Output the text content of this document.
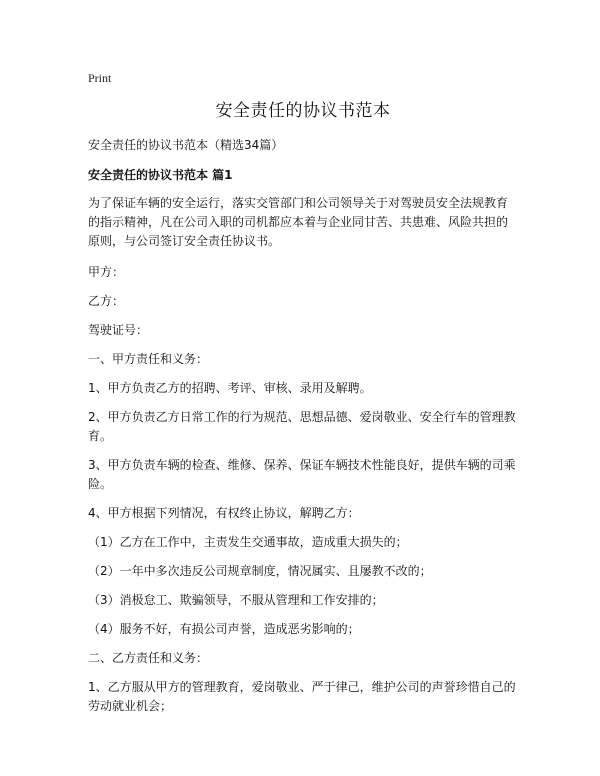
Print
安全责任的协议书范本
安全责任的协议书范本（精选34篇）
安全责任的协议书范本 篇1

为了保证车辆的安全运行，落实交管部门和公司领导关于对驾驶员安全法规教育的指示精神，凡在公司入职的司机都应本着与企业同甘苦、共患难、风险共担的原则，与公司签订安全责任协议书。

甲方：

乙方：

驾驶证号：

一、甲方责任和义务：

1、甲方负责乙方的招聘、考评、审核、录用及解聘。

2、甲方负责乙方日常工作的行为规范、思想品德、爱岗敬业、安全行车的管理教育。

3、甲方负责车辆的检查、维修、保养、保证车辆技术性能良好，提供车辆的司乘险。

4、甲方根据下列情况，有权终止协议，解聘乙方：

（1）乙方在工作中，主责发生交通事故，造成重大损失的；

（2）一年中多次违反公司规章制度，情况属实、且屡教不改的；

（3）消极怠工、欺骗领导，不服从管理和工作安排的；

（4）服务不好，有损公司声誉，造成恶劣影响的；

二、乙方责任和义务：

1、乙方服从甲方的管理教育，爱岗敬业、严于律己，维护公司的声誉珍惜自己的劳动就业机会；
